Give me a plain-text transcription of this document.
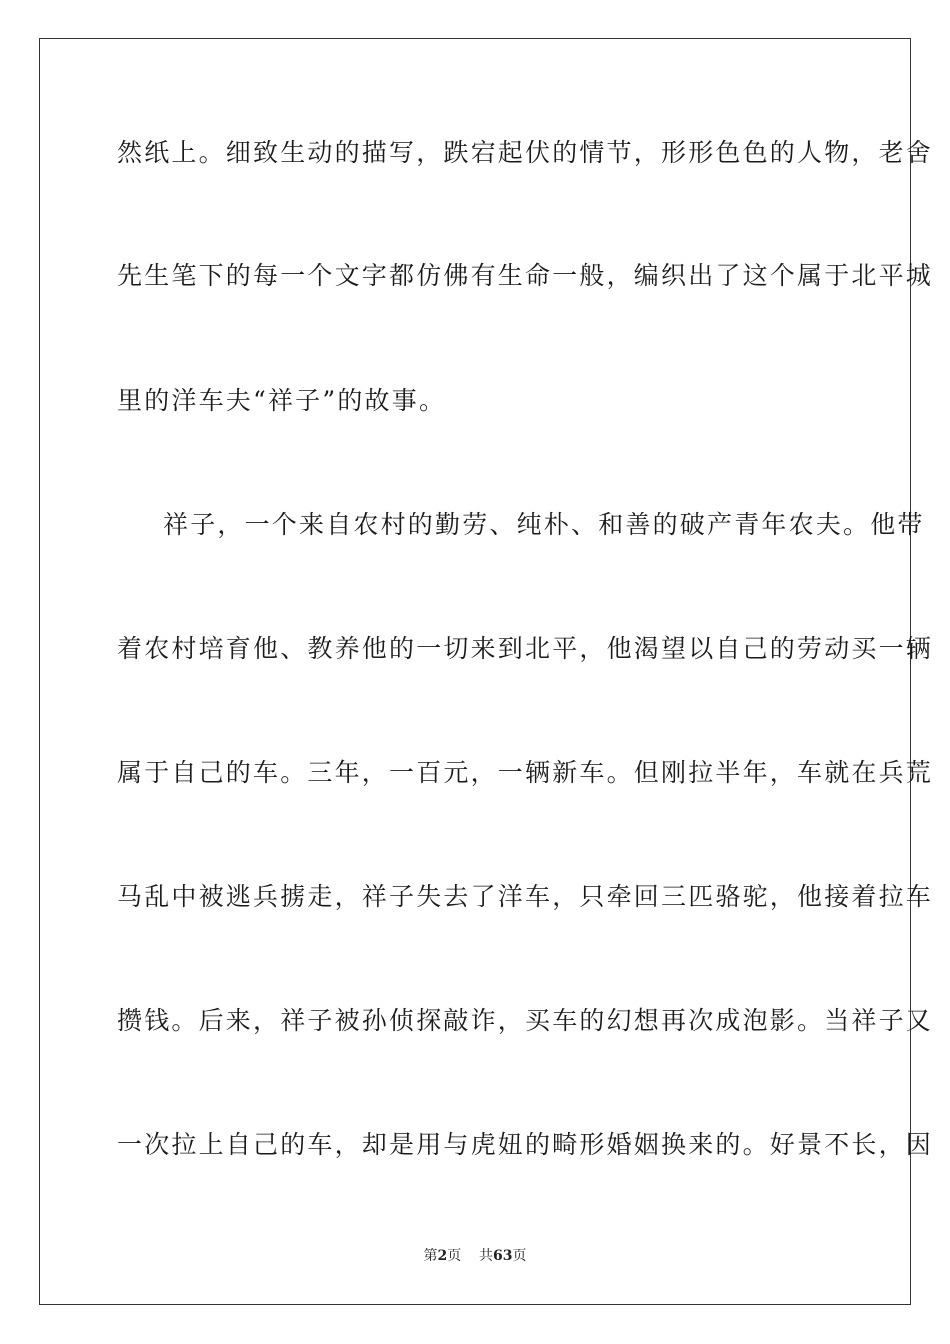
然纸上。细致生动的描写，跌宕起伏的情节，形形色色的人物，老舍
先生笔下的每一个文字都仿佛有生命一般，编织出了这个属于北平城
里的洋车夫“祥子”的故事。
祥子，一个来自农村的勤劳、纯朴、和善的破产青年农夫。他带
着农村培育他、教养他的一切来到北平，他渴望以自己的劳动买一辆
属于自己的车。三年，一百元，一辆新车。但刚拉半年，车就在兵荒
马乱中被逃兵掳走，祥子失去了洋车，只牵回三匹骆驼，他接着拉车
攒钱。后来，祥子被孙侦探敲诈，买车的幻想再次成泡影。当祥子又
一次拉上自己的车，却是用与虎妞的畸形婚姻换来的。好景不长，因
第2页 共63页
